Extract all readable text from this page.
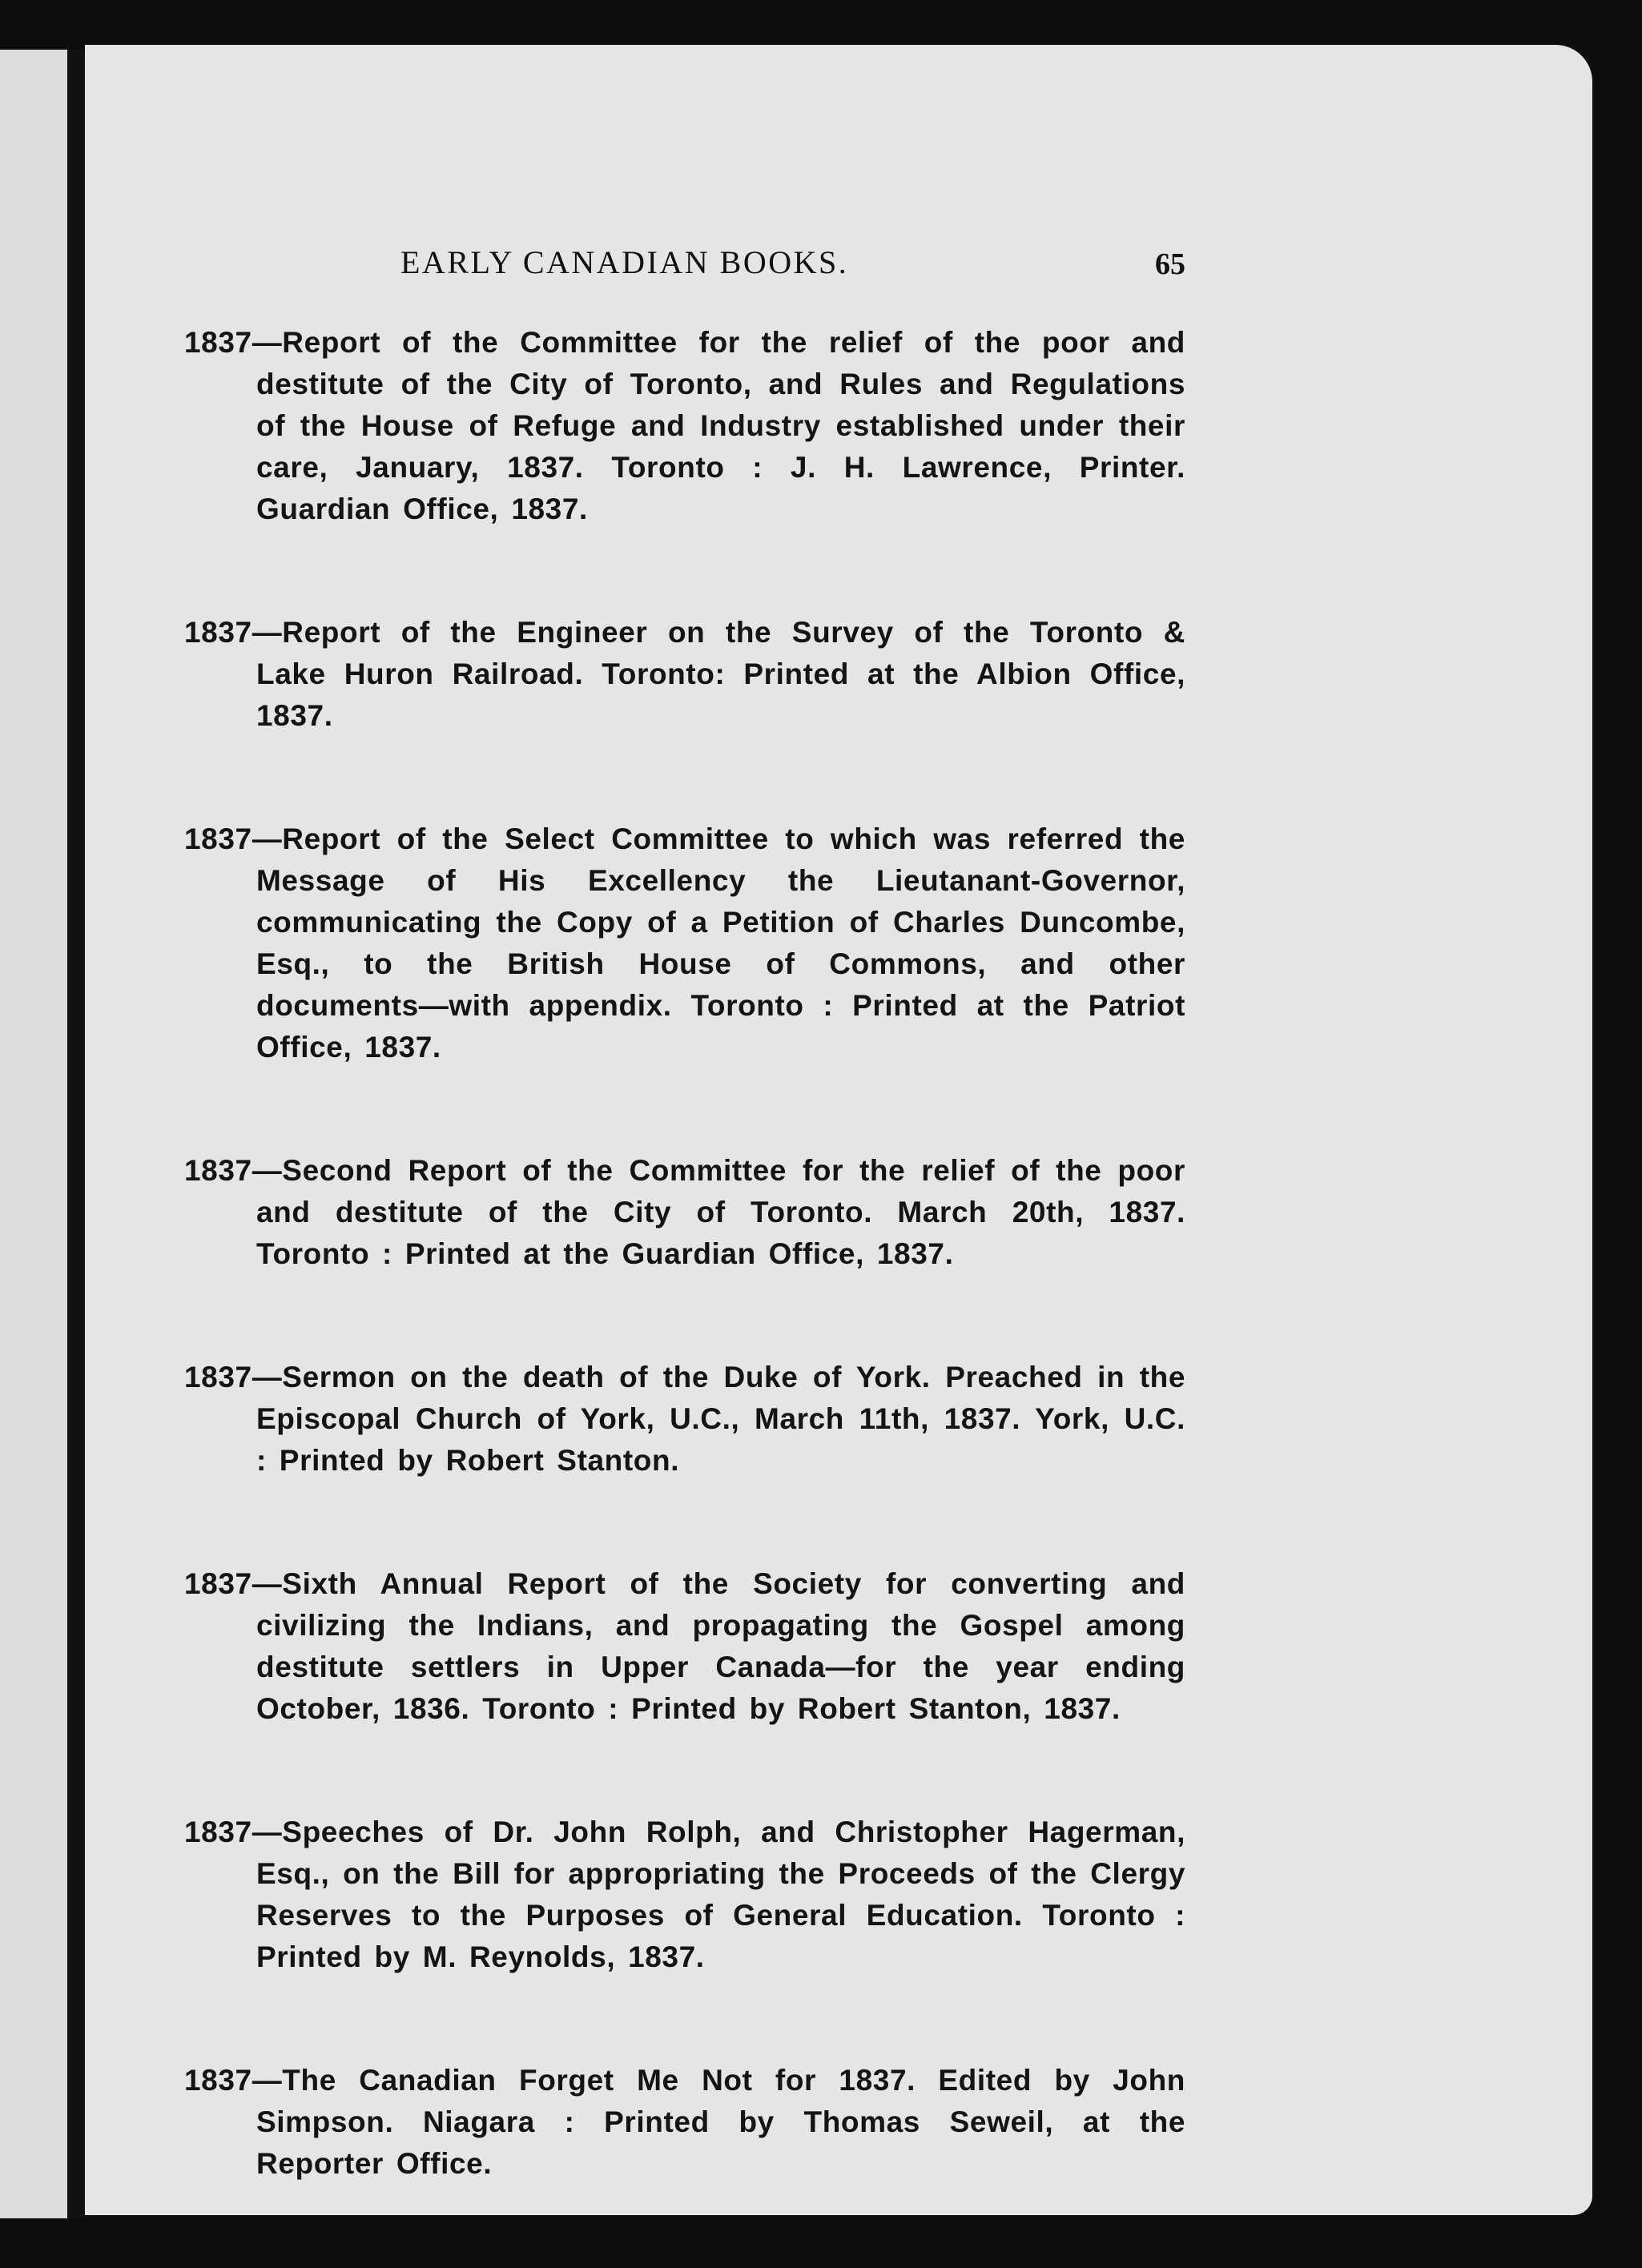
EARLY CANADIAN BOOKS.	65

1837—Report of the Committee for the relief of the poor and destitute of the City of Toronto, and Rules and Regulations of the House of Refuge and Industry established under their care, January, 1837. Toronto : J. H. Lawrence, Printer. Guardian Office, 1837.

1837—Report of the Engineer on the Survey of the Toronto & Lake Huron Railroad. Toronto: Printed at the Albion Office, 1837.

1837—Report of the Select Committee to which was referred the Message of His Excellency the Lieutanant-Governor, communicating the Copy of a Petition of Charles Duncombe, Esq., to the British House of Commons, and other documents—with appendix. Toronto : Printed at the Patriot Office, 1837.

1837—Second Report of the Committee for the relief of the poor and destitute of the City of Toronto. March 20th, 1837. Toronto : Printed at the Guardian Office, 1837.

1837—Sermon on the death of the Duke of York. Preached in the Episcopal Church of York, U.C., March 11th, 1837. York, U.C. : Printed by Robert Stanton.

1837—Sixth Annual Report of the Society for converting and civilizing the Indians, and propagating the Gospel among destitute settlers in Upper Canada—for the year ending October, 1836. Toronto : Printed by Robert Stanton, 1837.

1837—Speeches of Dr. John Rolph, and Christopher Hagerman, Esq., on the Bill for appropriating the Proceeds of the Clergy Reserves to the Purposes of General Education. Toronto : Printed by M. Reynolds, 1837.

1837—The Canadian Forget Me Not for 1837. Edited by John Simpson. Niagara : Printed by Thomas Seweil, at the Reporter Office.
